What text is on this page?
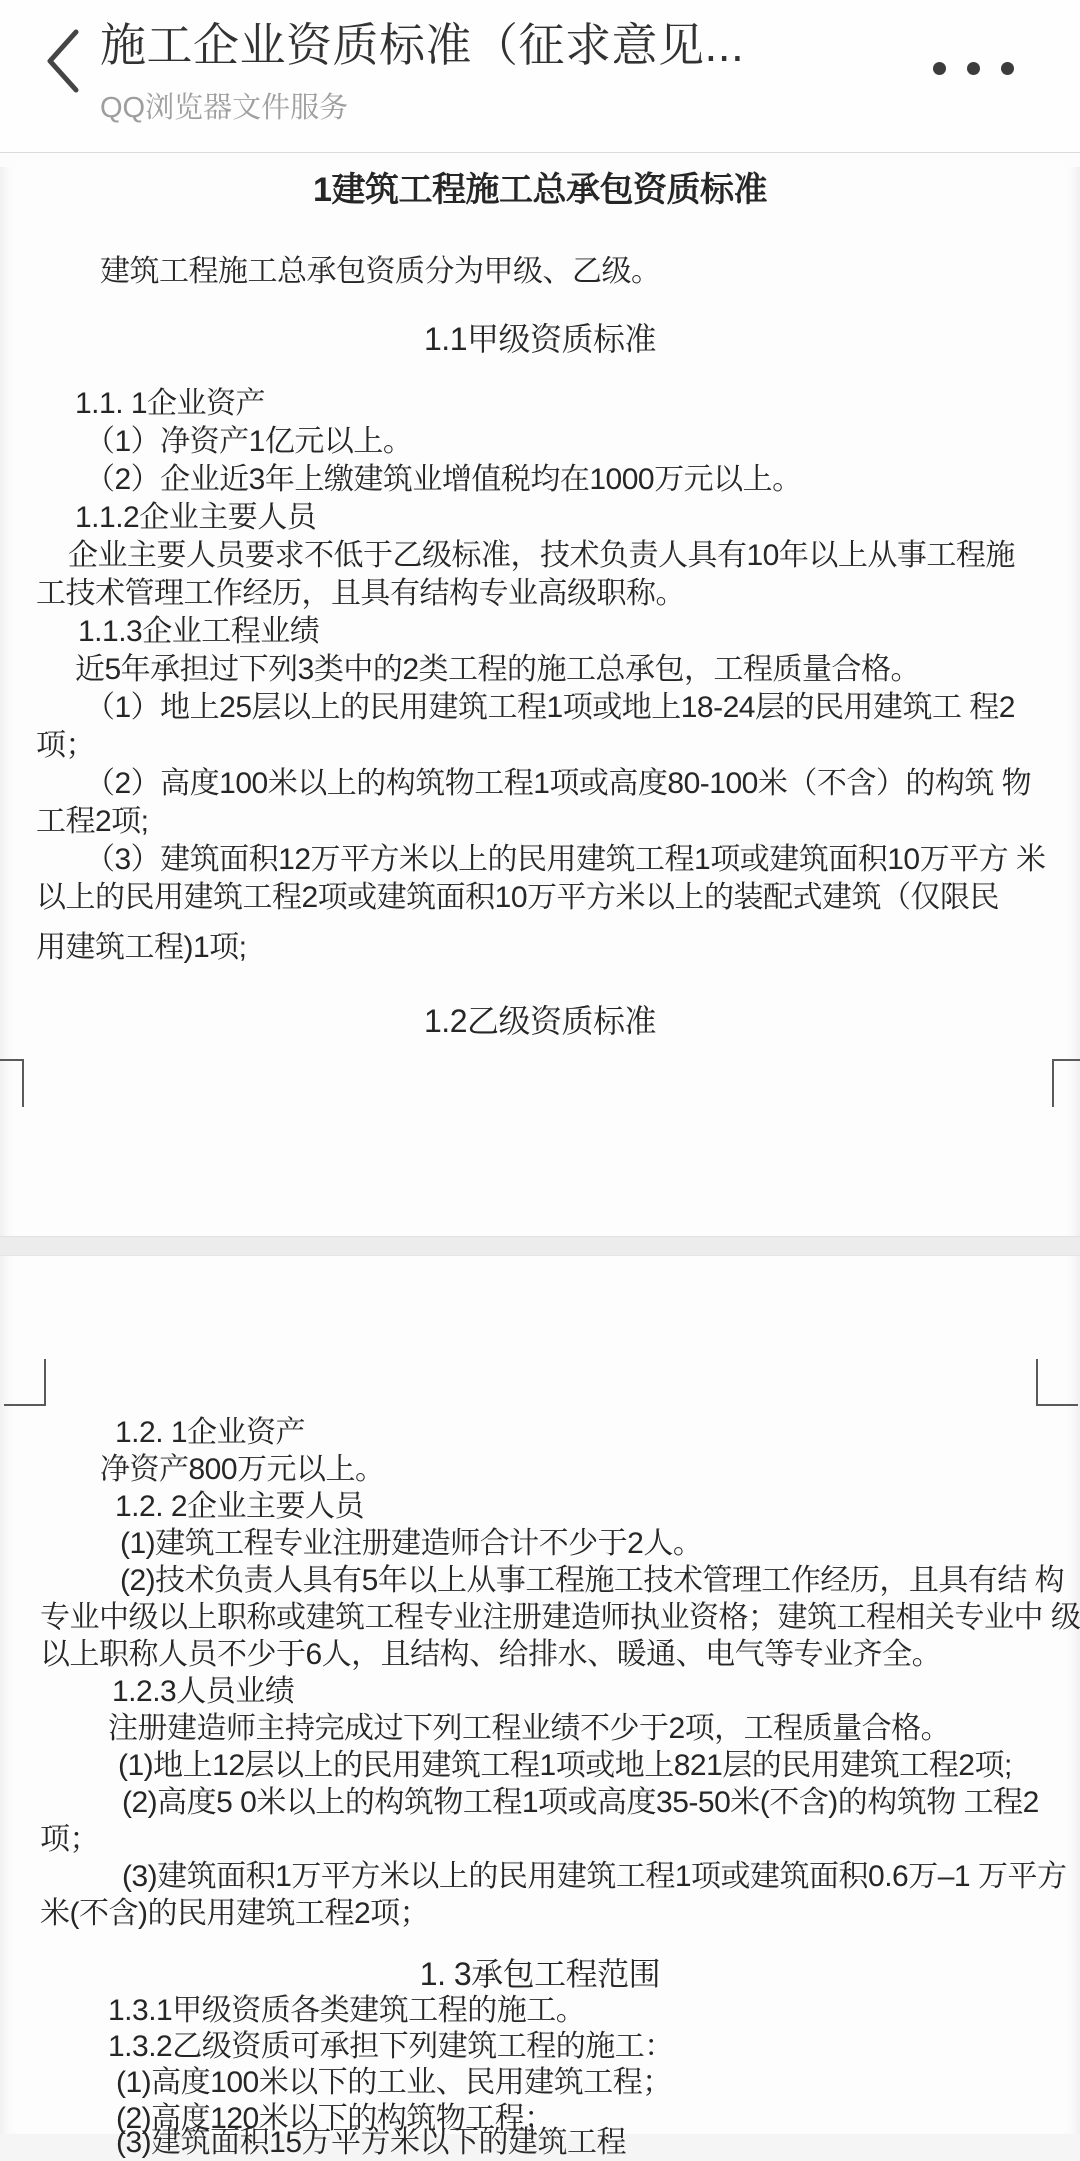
施工企业资质标准（征求意见...
QQ浏览器文件服务
1建筑工程施工总承包资质标准
建筑工程施工总承包资质分为甲级、乙级。
1.1甲级资质标准
1.1. 1企业资产
（1）净资产1亿元以上。
（2）企业近3年上缴建筑业增值税均在1000万元以上。
1.1.2企业主要人员
企业主要人员要求不低于乙级标准，技术负责人具有10年以上从事工程施
工技术管理工作经历，且具有结构专业高级职称。
1.1.3企业工程业绩
近5年承担过下列3类中的2类工程的施工总承包，工程质量合格。
（1）地上25层以上的民用建筑工程1项或地上18-24层的民用建筑工 程2
项；
（2）高度100米以上的构筑物工程1项或高度80-100米（不含）的构筑 物
工程2项;
（3）建筑面积12万平方米以上的民用建筑工程1项或建筑面积10万平方 米
以上的民用建筑工程2项或建筑面积10万平方米以上的装配式建筑（仅限民
用建筑工程)1项;
1.2乙级资质标准
1.2. 1企业资产
净资产800万元以上。
1.2. 2企业主要人员
(1)建筑工程专业注册建造师合计不少于2人。
(2)技术负责人具有5年以上从事工程施工技术管理工作经历，且具有结 构
专业中级以上职称或建筑工程专业注册建造师执业资格；建筑工程相关专业中 级
以上职称人员不少于6人，且结构、给排水、暖通、电气等专业齐全。
1.2.3人员业绩
注册建造师主持完成过下列工程业绩不少于2项，工程质量合格。
(1)地上12层以上的民用建筑工程1项或地上821层的民用建筑工程2项;
(2)高度5 0米以上的构筑物工程1项或高度35-50米(不含)的构筑物 工程2
项；
(3)建筑面积1万平方米以上的民用建筑工程1项或建筑面积0.6万–1 万平方
米(不含)的民用建筑工程2项；
1. 3承包工程范围
1.3.1甲级资质各类建筑工程的施工。
1.3.2乙级资质可承担下列建筑工程的施工：
(1)高度100米以下的工业、民用建筑工程；
(2)高度120米以下的构筑物工程；
(3)建筑面积15万平方米以下的建筑工程
